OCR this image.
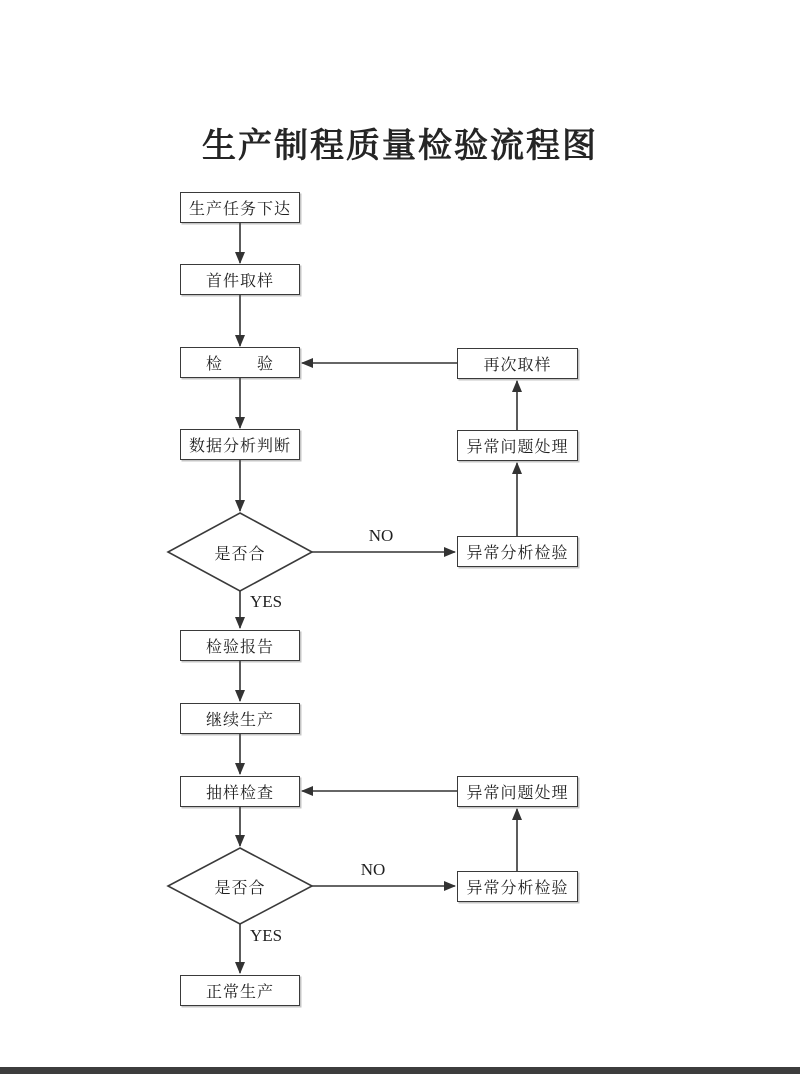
生产制程质量检验流程图
生产任务下达
首件取样
检　　验
数据分析判断
是否合
检验报告
继续生产
抽样检查
是否合
正常生产
再次取样
异常问题处理
异常分析检验
异常问题处理
异常分析检验
NO
YES
NO
YES
